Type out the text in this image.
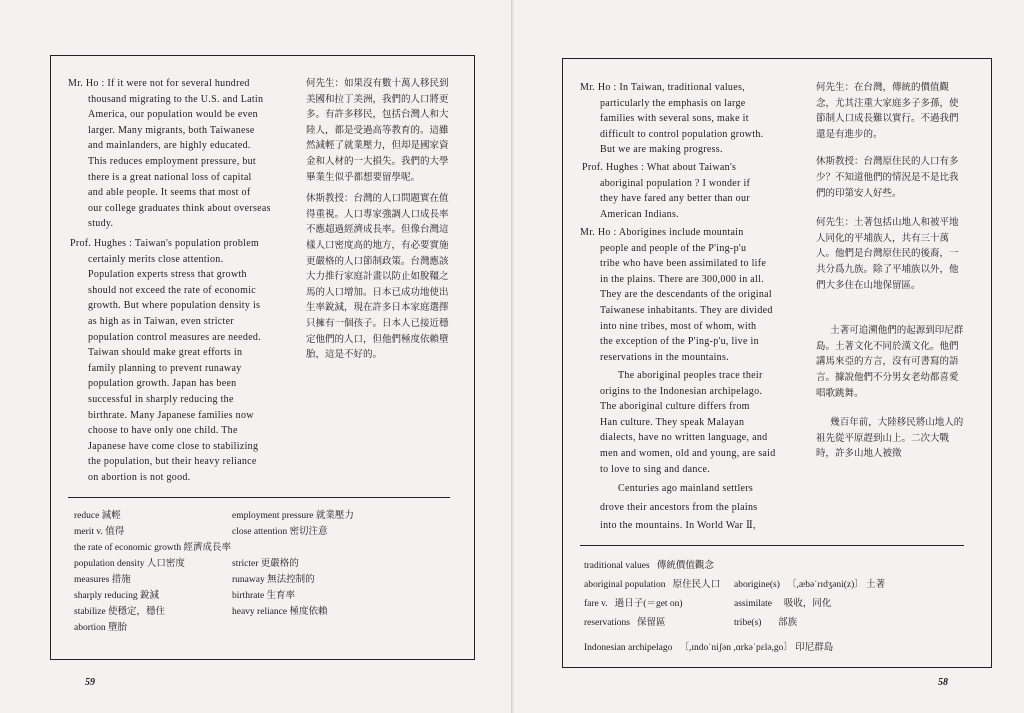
Mr. Ho : If it were not for several hundred
thousand migrating to the U.S. and Latin
America, our population would be even
larger. Many migrants, both Taiwanese
and mainlanders, are highly educated.
This reduces employment pressure, but
there is a great national loss of capital
and able people. It seems that most of
our college graduates think about overseas
study.
Prof. Hughes : Taiwan's population problem
certainly merits close attention.
Population experts stress that growth
should not exceed the rate of economic
growth. But where population density is
as high as in Taiwan, even stricter
population control measures are needed.
Taiwan should make great efforts in
family planning to prevent runaway
population growth. Japan has been
successful in sharply reducing the
birthrate. Many Japanese families now
choose to have only one child. The
Japanese have come close to stabilizing
the population, but their heavy reliance
on abortion is not good.

何先生：如果沒有數十萬人移民到美國和拉丁美洲，我們的人口將更多。有許多移民，包括台灣人和大陸人，都是受過高等教育的。這雖然減輕了就業壓力，但却是國家資金和人材的一大損失。我們的大學畢業生似乎都想要留學呢。

休斯教授：台灣的人口問題實在值得重視。人口專家強調人口成長率不應超過經濟成長率。但像台灣這樣人口密度高的地方，有必要實施更嚴格的人口節制政策。台灣應該大力推行家庭計畫以防止如脫韁之馬的人口增加。日本已成功地使出生率銳減，現在許多日本家庭選擇只擁有一個孩子。日本人已接近穩定他們的人口，但他們極度依賴墮胎，這是不好的。

reduce 減輕
merit v. 值得
the rate of economic growth 經濟成長率
population density 人口密度
measures 措施
sharply reducing 銳減
stabilize 使穩定，穩住
abortion 墮胎
employment pressure 就業壓力
close attention 密切注意
stricter 更嚴格的
runaway 無法控制的
birthrate 生育率
heavy reliance 極度依賴
59
Mr. Ho : In Taiwan, traditional values,
particularly the emphasis on large
families with several sons, make it
difficult to control population growth.
But we are making progress.
Prof. Hughes : What about Taiwan's
aboriginal population ? I wonder if
they have fared any better than our
American Indians.
Mr. Ho : Aborigines include mountain
people and people of the P'ing-p'u
tribe who have been assimilated to life
in the plains. There are 300,000 in all.
They are the descendants of the original
Taiwanese inhabitants. They are divided
into nine tribes, most of whom, with
the exception of the P'ing-p'u, live in
reservations in the mountains.
The aboriginal peoples trace their
origins to the Indonesian archipelago.
The aboriginal culture differs from
Han culture. They speak Malayan
dialects, have no written language, and
men and women, old and young, are said
to love to sing and dance.
Centuries ago mainland settlers
drove their ancestors from the plains
into the mountains. In World War Ⅱ,

何先生：在台灣，傳統的價值觀念，尤其注重大家庭多子多孫，使節制人口成長難以實行。不過我們還是有進步的。

休斯教授：台灣原住民的人口有多少？不知道他們的情況是不是比我們的印第安人好些。

何先生：土著包括山地人和被平地人同化的平埔族人，共有三十萬人。他們是台灣原住民的後裔，一共分爲九族。除了平埔族以外，他們大多住在山地保留區。

土著可追溯他們的起源到印尼群島。土著文化不同於漢文化。他們講馬來亞的方言，沒有可書寫的語言。據說他們不分男女老幼都喜愛唱歌跳舞。

幾百年前，大陸移民將山地人的祖先從平原趕到山上。二次大戰時，許多山地人被徵

traditional values 傳統價值觀念
aboriginal population 原住民人口 aborigine(s) 〔,æbəˈrɪdʒəni(z)〕 土著
fare v. 過日子(＝get on)	assimilate 吸收，同化
reservations 保留區	tribe(s) 部族
Indonesian archipelago 〔,ɪndoˈniʃən ,ɑrkəˈpɛlə,go〕 印尼群島
58
